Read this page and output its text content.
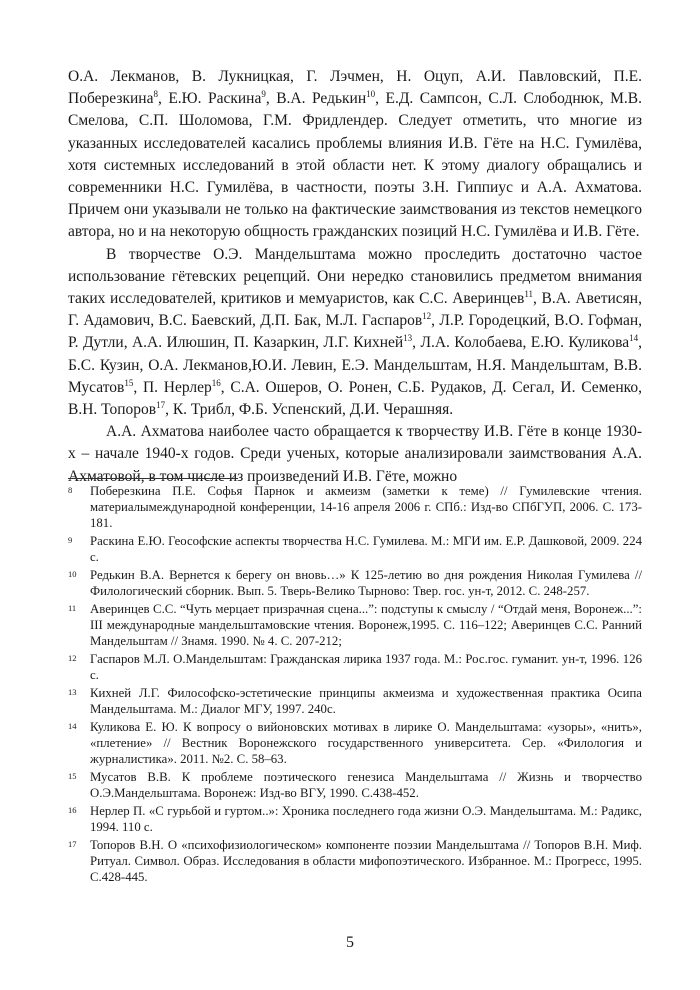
О.А. Лекманов, В. Лукницкая, Г. Лэчмен, Н. Оцуп, А.И. Павловский, П.Е. Поберезкина$^8$, Е.Ю. Раскина$^9$, В.А. Редькин$^{10}$, Е.Д. Сампсон, С.Л. Слободнюк, М.В. Смелова, С.П. Шоломова, Г.М. Фридлендер. Следует отметить, что многие из указанных исследователей касались проблемы влияния И.В. Гёте на Н.С. Гумилёва, хотя системных исследований в этой области нет. К этому диалогу обращались и современники Н.С. Гумилёва, в частности, поэты З.Н. Гиппиус и А.А. Ахматова. Причем они указывали не только на фактические заимствования из текстов немецкого автора, но и на некоторую общность гражданских позиций Н.С. Гумилёва и И.В. Гёте.

В творчестве О.Э. Мандельштама можно проследить достаточно частое использование гётевских рецепций. Они нередко становились предметом внимания таких исследователей, критиков и мемуаристов, как С.С. Аверинцев$^{11}$, В.А. Аветисян, Г. Адамович, В.С. Баевский, Д.П. Бак, М.Л. Гаспаров$^{12}$, Л.Р. Городецкий, В.О. Гофман, Р. Дутли, А.А. Илюшин, П. Казаркин, Л.Г. Кихней$^{13}$, Л.А. Колобаева, Е.Ю. Куликова$^{14}$, Б.С. Кузин, О.А. Лекманов,Ю.И. Левин, Е.Э. Мандельштам, Н.Я. Мандельштам, В.В. Мусатов$^{15}$, П. Нерлер$^{16}$, С.А. Ошеров, О. Ронен, С.Б. Рудаков, Д. Сегал, И. Семенко, В.Н. Топоров$^{17}$, К. Трибл, Ф.Б. Успенский, Д.И. Черашняя.

А.А. Ахматова наиболее часто обращается к творчеству И.В. Гёте в конце 1930-х – начале 1940-х годов. Среди ученых, которые анализировали заимствования А.А. Ахматовой, в том числе из произведений И.В. Гёте, можно

8 Поберезкина П.Е. Софья Парнок и акмеизм (заметки к теме) // Гумилевские чтения. материалымеждународной конференции, 14-16 апреля 2006 г. СПб.: Изд-во СПбГУП, 2006. С. 173-181.
9 Раскина Е.Ю. Геософские аспекты творчества Н.С. Гумилева. М.: МГИ им. Е.Р. Дашковой, 2009. 224 с.
10 Редькин В.А. Вернется к берегу он вновь…» К 125-летию во дня рождения Николая Гумилева // Филологический сборник. Вып. 5. Тверь-Велико Тырново: Твер. гос. ун-т, 2012. С. 248-257.
11 Аверинцев С.С. “Чуть мерцает призрачная сцена...”: подступы к смыслу / “Отдай меня, Воронеж...”: III международные мандельштамовские чтения. Воронеж,1995. С. 116–122; Аверинцев С.С. Ранний Мандельштам // Знамя. 1990. № 4. С. 207-212;
12 Гаспаров М.Л. О.Мандельштам: Гражданская лирика 1937 года. М.: Рос.гос. гуманит. ун-т, 1996. 126 с.
13 Кихней Л.Г. Философско-эстетические принципы акмеизма и художественная практика Осипа Мандельштама. М.: Диалог МГУ, 1997. 240с.
14 Куликова Е. Ю. К вопросу о вийоновских мотивах в лирике О. Мандельштама: «узоры», «нить», «плетение» // Вестник Воронежского государственного университета. Сер. «Филология и журналистика». 2011. №2. С. 58–63.
15 Мусатов В.В. К проблеме поэтического генезиса Мандельштама // Жизнь и творчество О.Э.Мандельштама. Воронеж: Изд-во ВГУ, 1990. С.438-452.
16 Нерлер П. «С гурьбой и гуртом..»: Хроника последнего года жизни О.Э. Мандельштама. М.: Радикс, 1994. 110 с.
17 Топоров В.Н. О «психофизиологическом» компоненте поэзии Мандельштама // Топоров В.Н. Миф. Ритуал. Символ. Образ. Исследования в области мифопоэтического. Избранное. М.: Прогресс, 1995. С.428-445.
5
